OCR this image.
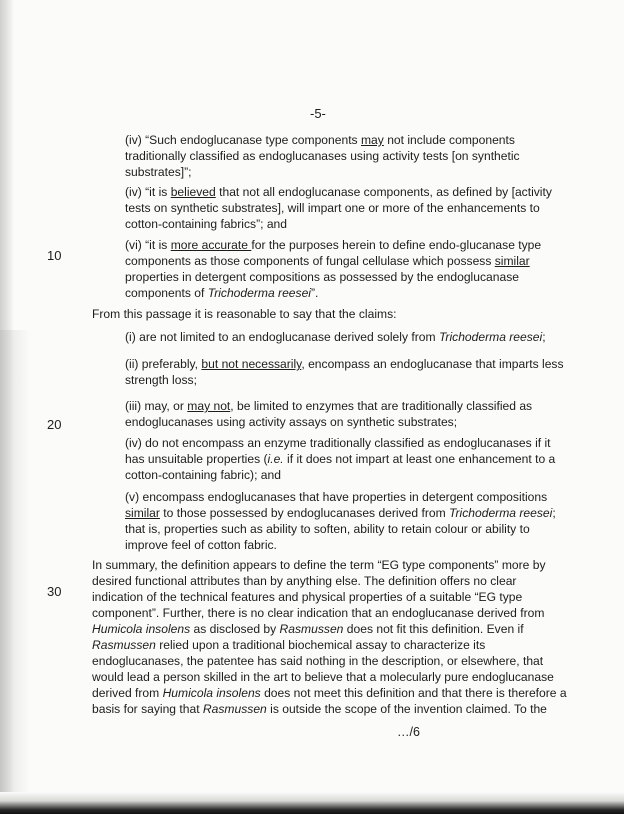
-5-
10
20
30
(iv) “Such endoglucanase type components may not include components
traditionally classified as endoglucanases using activity tests [on synthetic
substrates]”;
(iv) “it is believed that not all endoglucanase components, as defined by [activity
tests on synthetic substrates], will impart one or more of the enhancements to
cotton-containing fabrics”; and
(vi) “it is more accurate for the purposes herein to define endo-glucanase type
components as those components of fungal cellulase which possess similar
properties in detergent compositions as possessed by the endoglucanase
components of Trichoderma reesei”.
From this passage it is reasonable to say that the claims:
(i) are not limited to an endoglucanase derived solely from Trichoderma reesei;
(ii) preferably, but not necessarily, encompass an endoglucanase that imparts less
strength loss;
(iii) may, or may not, be limited to enzymes that are traditionally classified as
endoglucanases using activity assays on synthetic substrates;
(iv) do not encompass an enzyme traditionally classified as endoglucanases if it
has unsuitable properties (i.e. if it does not impart at least one enhancement to a
cotton-containing fabric); and
(v) encompass endoglucanases that have properties in detergent compositions
similar to those possessed by endoglucanases derived from Trichoderma reesei;
that is, properties such as ability to soften, ability to retain colour or ability to
improve feel of cotton fabric.
In summary, the definition appears to define the term “EG type components” more by
desired functional attributes than by anything else. The definition offers no clear
indication of the technical features and physical properties of a suitable “EG type
component”. Further, there is no clear indication that an endoglucanase derived from
Humicola insolens as disclosed by Rasmussen does not fit this definition. Even if
Rasmussen relied upon a traditional biochemical assay to characterize its
endoglucanases, the patentee has said nothing in the description, or elsewhere, that
would lead a person skilled in the art to believe that a molecularly pure endoglucanase
derived from Humicola insolens does not meet this definition and that there is therefore a
basis for saying that Rasmussen is outside the scope of the invention claimed. To the
…/6
